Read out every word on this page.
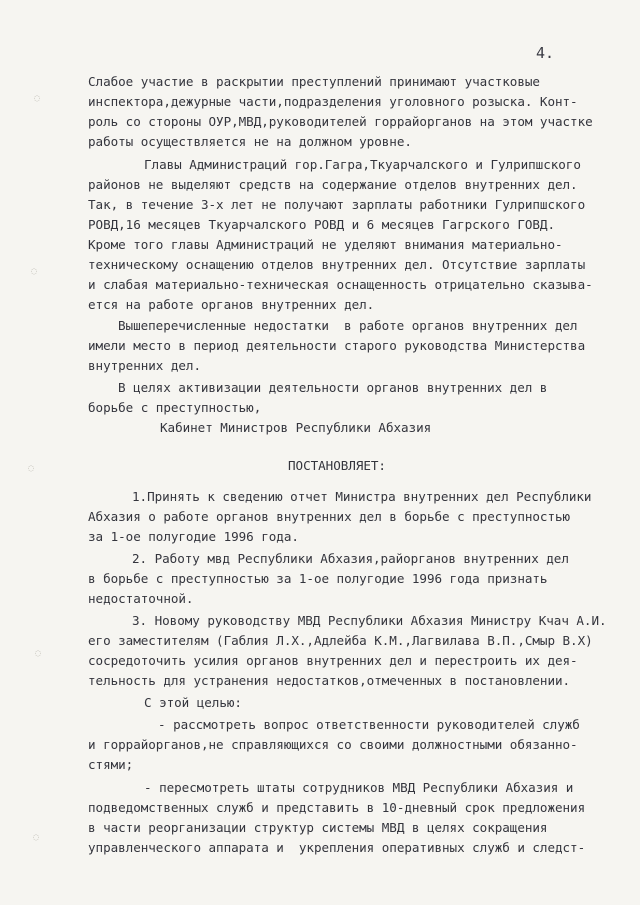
4.
Слабое участие в раскрытии преступлений принимают участковые
инспектора,дежурные части,подразделения уголовного розыска. Конт-
роль со стороны ОУР,МВД,руководителей горрайорганов на этом участке
работы осуществляется не на должном уровне.
Главы Администраций гор.Гагра,Ткуарчалского и Гулрипшского
районов не выделяют средств на содержание отделов внутренних дел.
Так, в течение 3-х лет не получают зарплаты работники Гулрипшского
РОВД,16 месяцев Ткуарчалского РОВД и 6 месяцев Гагрского ГОВД.
Кроме того главы Администраций не уделяют внимания материально-
техническому оснащению отделов внутренних дел. Отсутствие зарплаты
и слабая материально-техническая оснащенность отрицательно сказыва-
ется на работе органов внутренних дел.
Вышеперечисленные недостатки  в работе органов внутренних дел
имели место в период деятельности старого руководства Министерства
внутренних дел.
В целях активизации деятельности органов внутренних дел в
борьбе с преступностью,
Кабинет Министров Республики Абхазия
ПОСТАНОВЛЯЕТ:
1.Принять к сведению отчет Министра внутренних дел Республики
Абхазия о работе органов внутренних дел в борьбе с преступностью
за 1-ое полугодие 1996 года.
2. Работу мвд Республики Абхазия,райорганов внутренних дел
в борьбе с преступностью за 1-ое полугодие 1996 года признать
недостаточной.
3. Новому руководству МВД Республики Абхазия Министру Кчач А.И.
его заместителям (Габлия Л.Х.,Адлейба К.М.,Лагвилава В.П.,Смыр В.Х)
сосредоточить усилия органов внутренних дел и перестроить их дея-
тельность для устранения недостатков,отмеченных в постановлении.
С этой целью:
- рассмотреть вопрос ответственности руководителей служб
и горрайорганов,не справляющихся со своими должностными обязанно-
стями;
- пересмотреть штаты сотрудников МВД Республики Абхазия и
подведомственных служб и представить в 10-дневный срок предложения
в части реорганизации структур системы МВД в целях сокращения
управленческого аппарата и  укрепления оперативных служб и следст-
◌
◌
◌
◌
◌
